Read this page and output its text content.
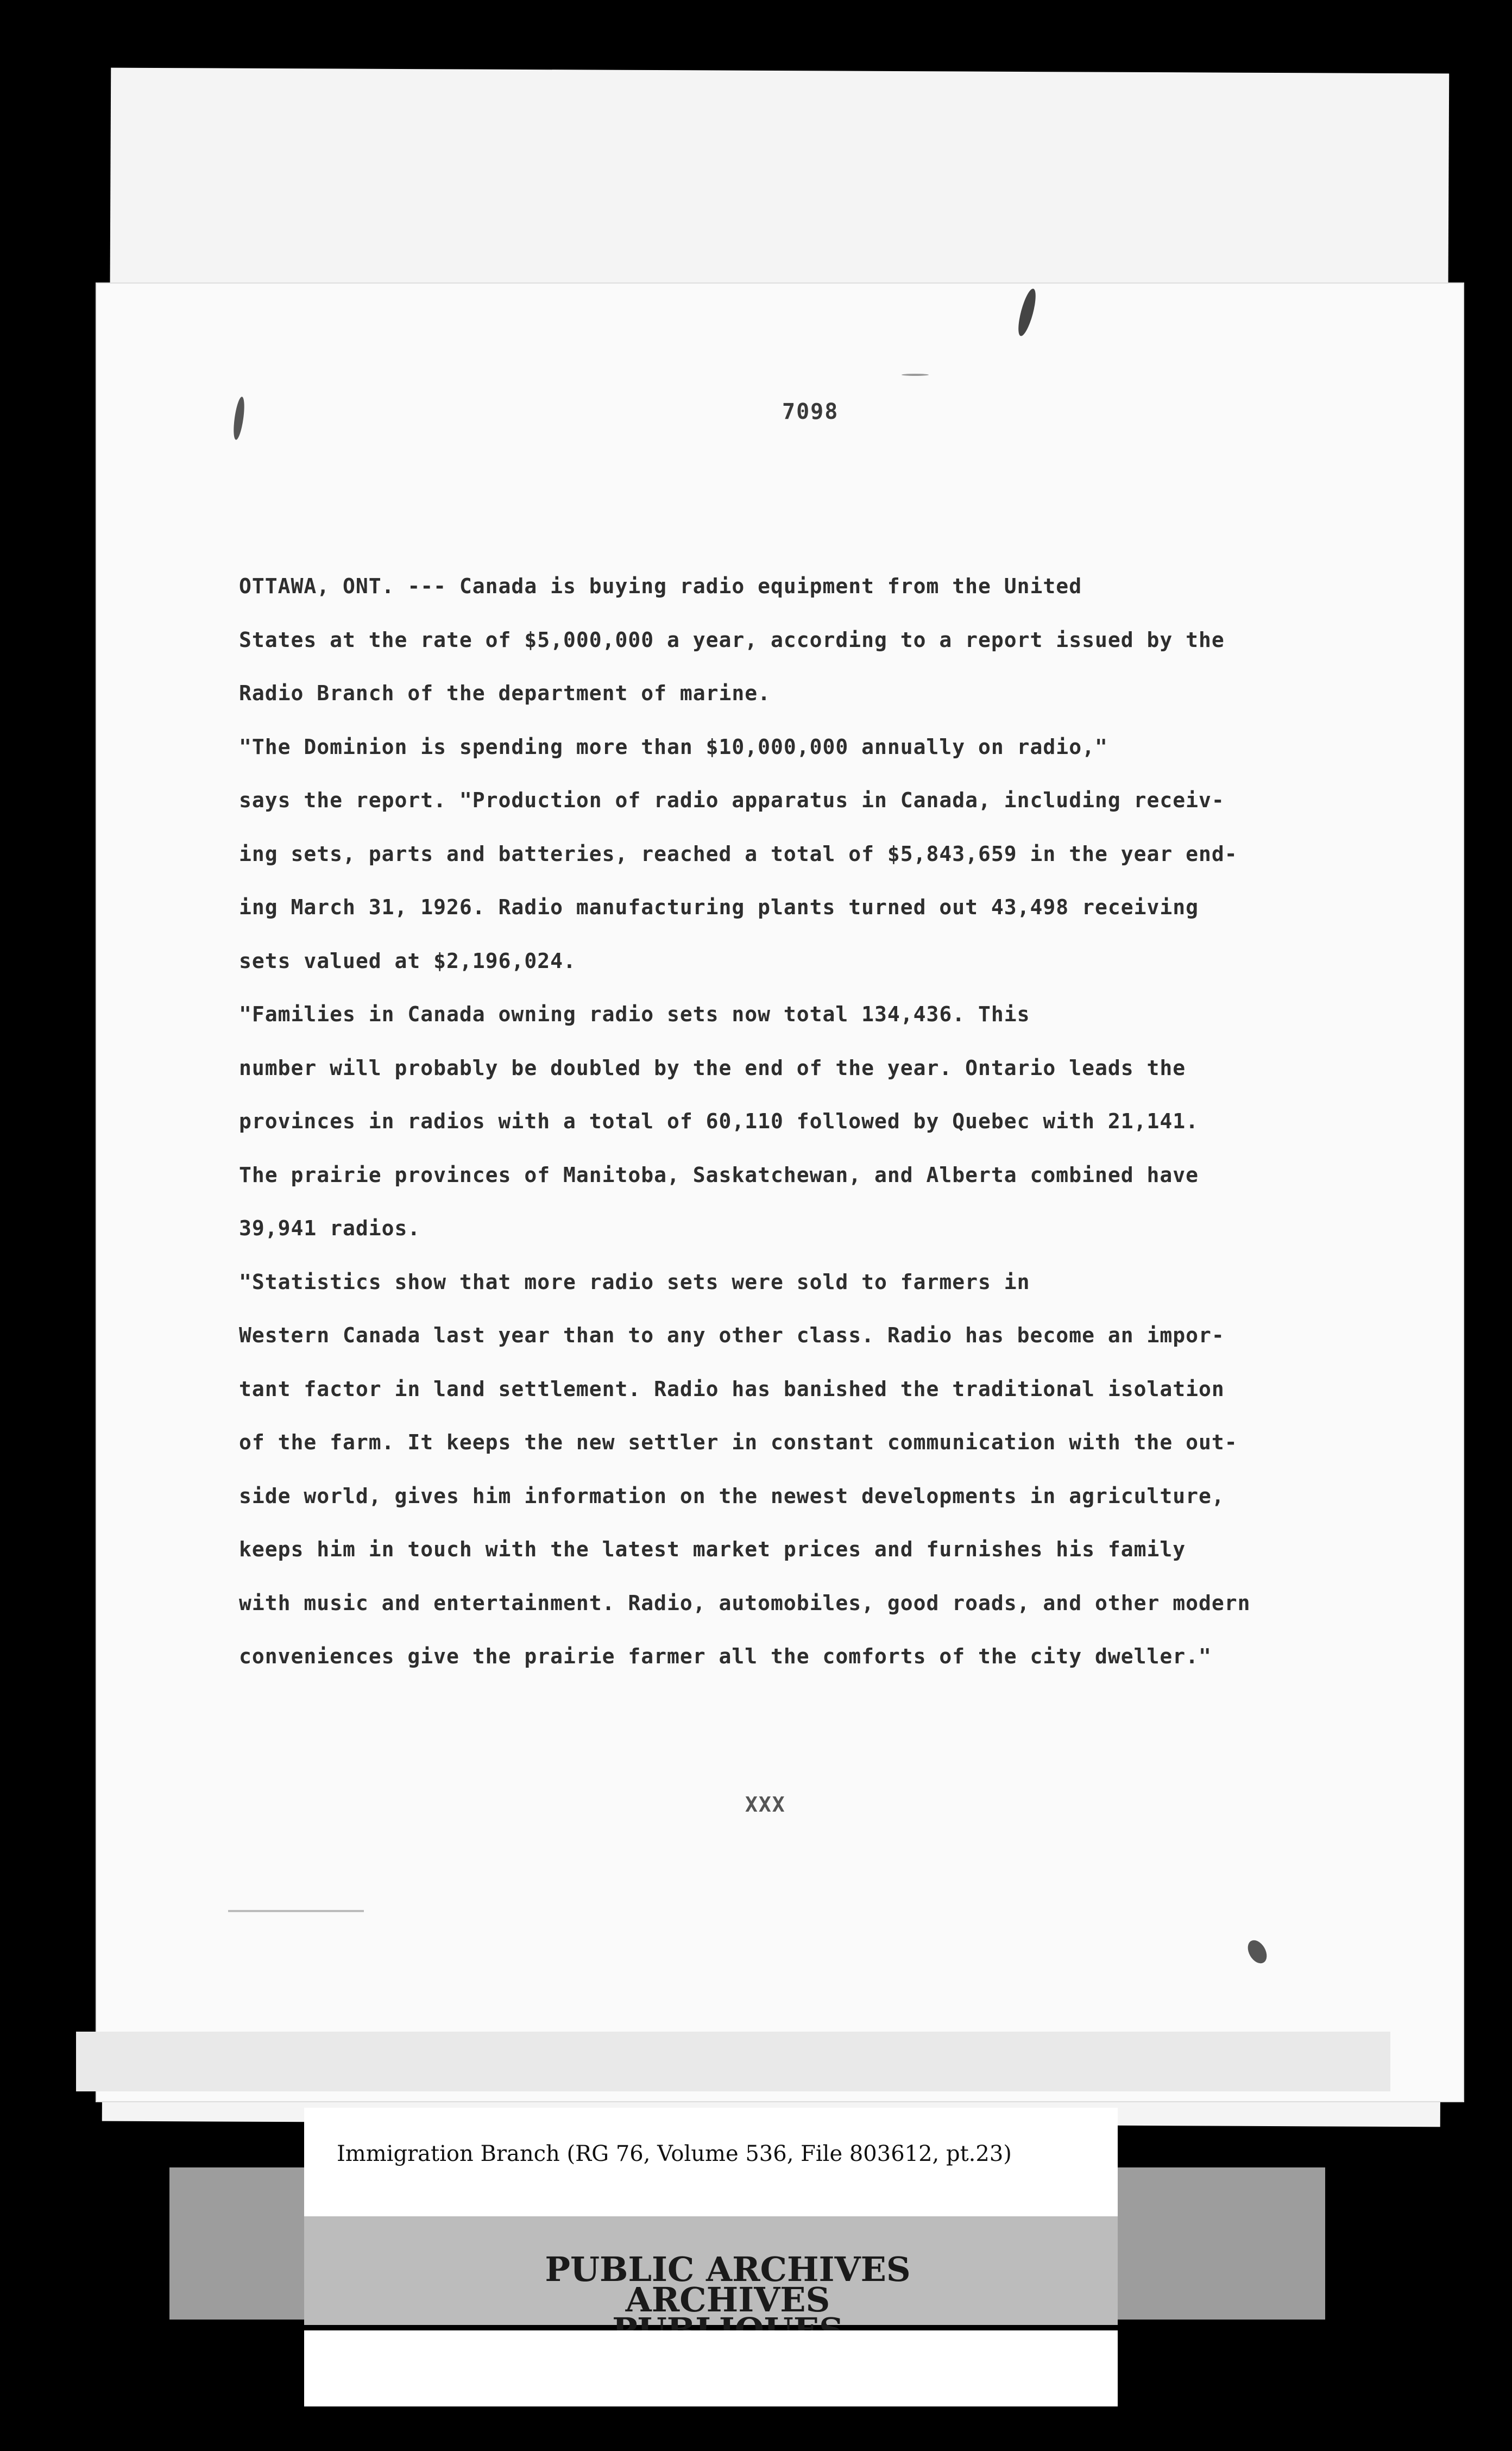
7098

OTTAWA, ONT. --- Canada is buying radio equipment from the United
States at the rate of $5,000,000 a year, according to a report issued by the
Radio Branch of the department of marine.

"The Dominion is spending more than $10,000,000 annually on radio,"
says the report. "Production of radio apparatus in Canada, including receiv-
ing sets, parts and batteries, reached a total of $5,843,659 in the year end-
ing March 31, 1926. Radio manufacturing plants turned out 43,498 receiving
sets valued at $2,196,024.

"Families in Canada owning radio sets now total 134,436. This
number will probably be doubled by the end of the year. Ontario leads the
provinces in radios with a total of 60,110 followed by Quebec with 21,141.
The prairie provinces of Manitoba, Saskatchewan, and Alberta combined have
39,941 radios.

"Statistics show that more radio sets were sold to farmers in
Western Canada last year than to any other class. Radio has become an impor-
tant factor in land settlement. Radio has banished the traditional isolation
of the farm. It keeps the new settler in constant communication with the out-
side world, gives him information on the newest developments in agriculture,
keeps him in touch with the latest market prices and furnishes his family
with music and entertainment. Radio, automobiles, good roads, and other modern
conveniences give the prairie farmer all the comforts of the city dweller."

XXX
Immigration Branch (RG 76, Volume 536, File 803612, pt.23)
PUBLIC ARCHIVES
ARCHIVES
